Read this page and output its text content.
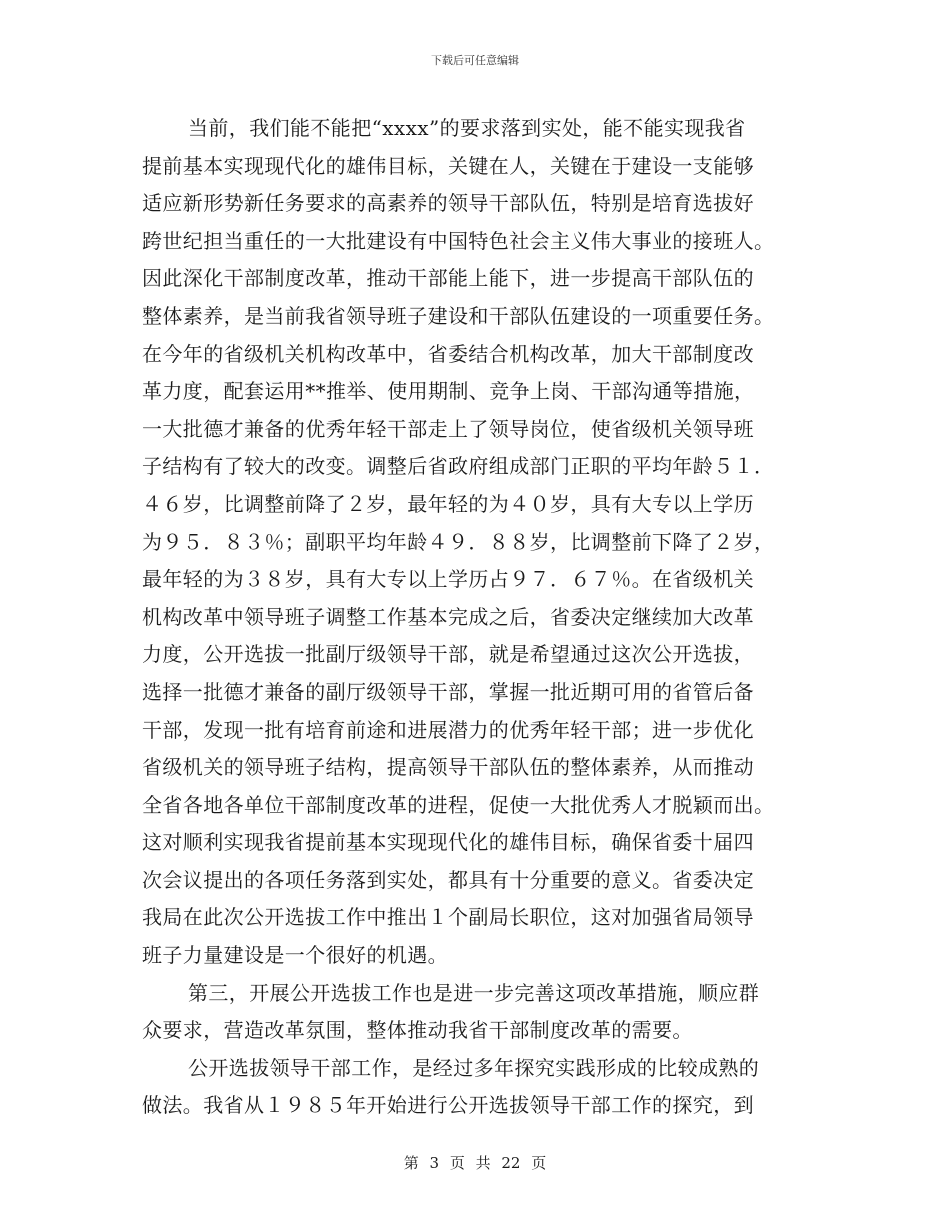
下载后可任意编辑
当前，我们能不能把“xxxx”的要求落到实处，能不能实现我省
提前基本实现现代化的雄伟目标，关键在人，关键在于建设一支能够
适应新形势新任务要求的高素养的领导干部队伍，特别是培育选拔好
跨世纪担当重任的一大批建设有中国特色社会主义伟大事业的接班人。
因此深化干部制度改革，推动干部能上能下，进一步提高干部队伍的
整体素养，是当前我省领导班子建设和干部队伍建设的一项重要任务。
在今年的省级机关机构改革中，省委结合机构改革，加大干部制度改
革力度，配套运用**推举、使用期制、竞争上岗、干部沟通等措施，
一大批德才兼备的优秀年轻干部走上了领导岗位，使省级机关领导班
子结构有了较大的改变。调整后省政府组成部门正职的平均年龄５１．
４６岁，比调整前降了２岁，最年轻的为４０岁，具有大专以上学历
为９５．８３％；副职平均年龄４９．８８岁，比调整前下降了２岁，
最年轻的为３８岁，具有大专以上学历占９７．６７％。在省级机关
机构改革中领导班子调整工作基本完成之后，省委决定继续加大改革
力度，公开选拔一批副厅级领导干部，就是希望通过这次公开选拔，
选择一批德才兼备的副厅级领导干部，掌握一批近期可用的省管后备
干部，发现一批有培育前途和进展潜力的优秀年轻干部；进一步优化
省级机关的领导班子结构，提高领导干部队伍的整体素养，从而推动
全省各地各单位干部制度改革的进程，促使一大批优秀人才脱颖而出。
这对顺利实现我省提前基本实现现代化的雄伟目标，确保省委十届四
次会议提出的各项任务落到实处，都具有十分重要的意义。省委决定
我局在此次公开选拔工作中推出１个副局长职位，这对加强省局领导
班子力量建设是一个很好的机遇。
第三，开展公开选拔工作也是进一步完善这项改革措施，顺应群
众要求，营造改革氛围，整体推动我省干部制度改革的需要。
公开选拔领导干部工作，是经过多年探究实践形成的比较成熟的
做法。我省从１９８５年开始进行公开选拔领导干部工作的探究，到
第 3 页 共 22 页
